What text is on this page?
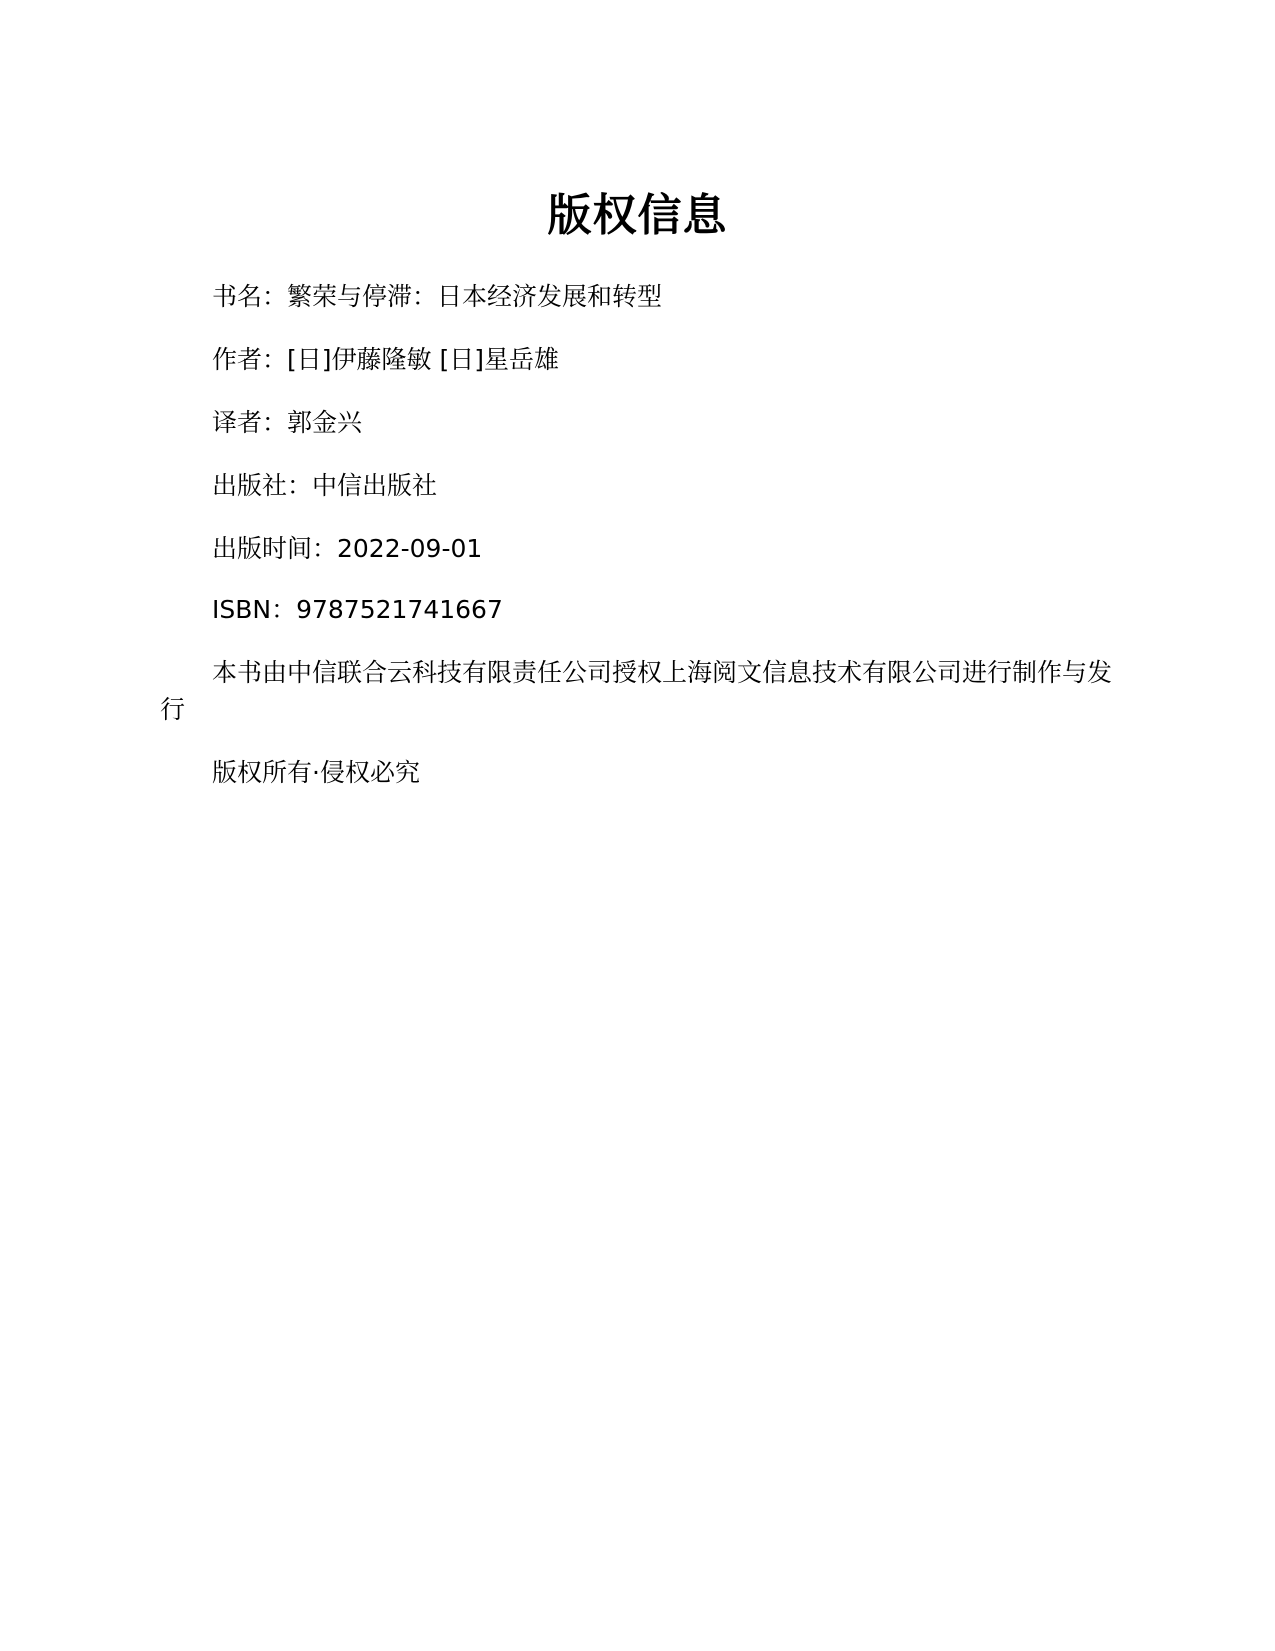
版权信息

书名：繁荣与停滞：日本经济发展和转型

作者：[日]伊藤隆敏 [日]星岳雄

译者：郭金兴

出版社：中信出版社

出版时间：2022-09-01

ISBN：9787521741667

本书由中信联合云科技有限责任公司授权上海阅文信息技术有限公司进行制作与发行

版权所有·侵权必究
